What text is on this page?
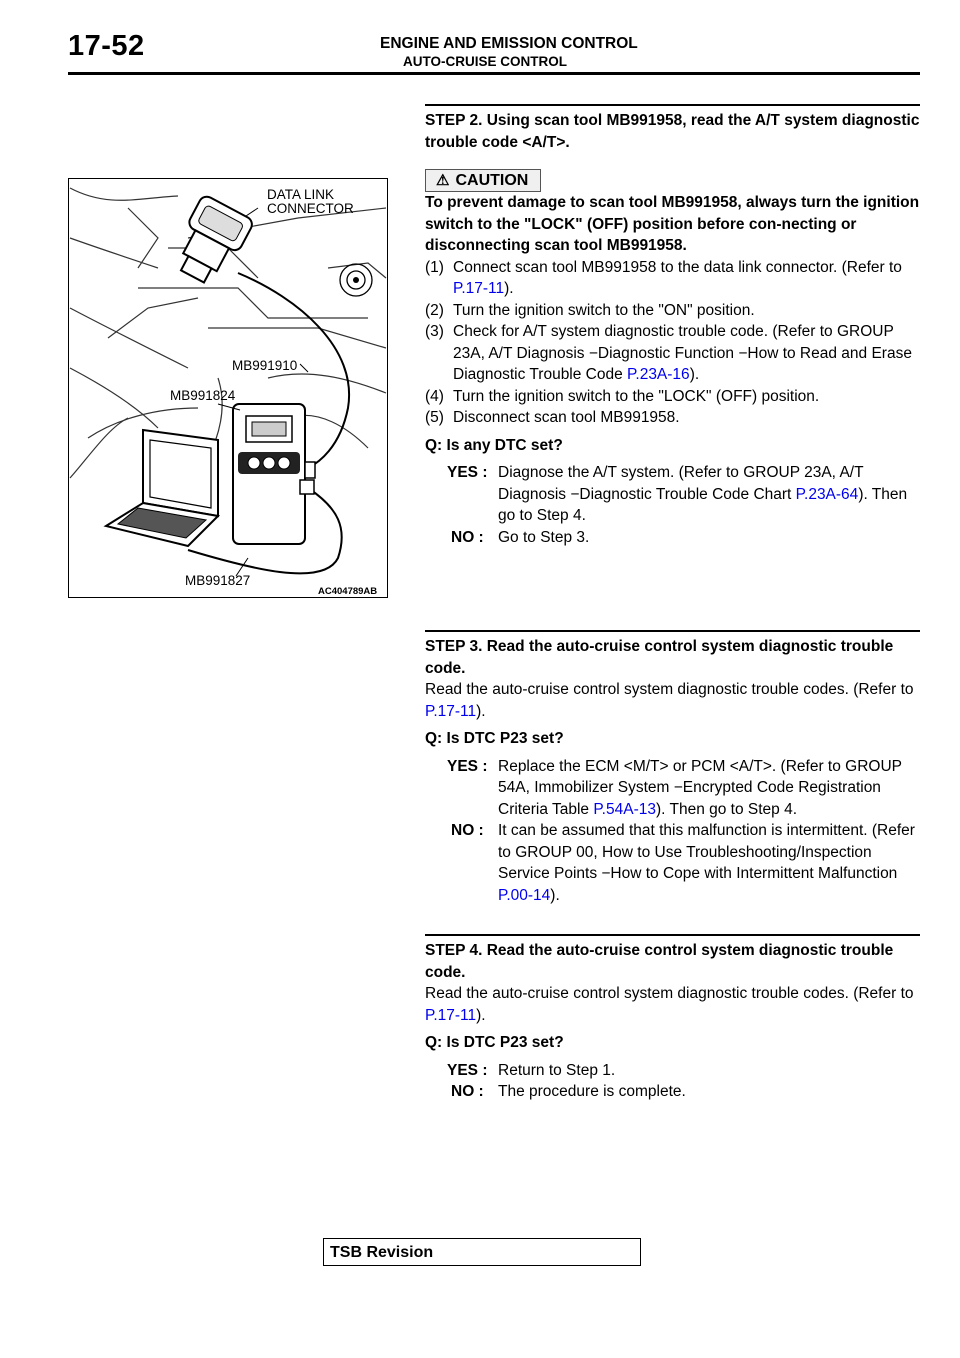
17-52	ENGINE AND EMISSION CONTROL
AUTO-CRUISE CONTROL
DATA LINK
CONNECTOR
MB991910
MB991824
MB991827
AC404789AB
STEP 2. Using scan tool MB991958, read the A/T system diagnostic trouble code <A/T>.
⚠ CAUTION

To prevent damage to scan tool MB991958, always turn the ignition switch to the "LOCK" (OFF) position before con-necting or disconnecting scan tool MB991958.

(1) Connect scan tool MB991958 to the data link connector. (Refer to P.17-11).
(2) Turn the ignition switch to the "ON" position.
(3) Check for A/T system diagnostic trouble code. (Refer to GROUP 23A, A/T Diagnosis −Diagnostic Function −How to Read and Erase Diagnostic Trouble Code P.23A-16).
(4) Turn the ignition switch to the "LOCK" (OFF) position.
(5) Disconnect scan tool MB991958.

Q: Is any DTC set?

YES : Diagnose the A/T system. (Refer to GROUP 23A, A/T Diagnosis −Diagnostic Trouble Code Chart P.23A-64). Then go to Step 4.
NO : Go to Step 3.
STEP 3. Read the auto-cruise control system diagnostic trouble code.

Read the auto-cruise control system diagnostic trouble codes. (Refer to P.17-11).

Q: Is DTC P23 set?

YES : Replace the ECM <M/T> or PCM <A/T>. (Refer to GROUP 54A, Immobilizer System −Encrypted Code Registration Criteria Table P.54A-13). Then go to Step 4.
NO : It can be assumed that this malfunction is intermittent. (Refer to GROUP 00, How to Use Troubleshooting/Inspection Service Points −How to Cope with Intermittent Malfunction P.00-14).
STEP 4. Read the auto-cruise control system diagnostic trouble code.

Read the auto-cruise control system diagnostic trouble codes. (Refer to P.17-11).

Q: Is DTC P23 set?

YES : Return to Step 1.
NO : The procedure is complete.
TSB Revision
